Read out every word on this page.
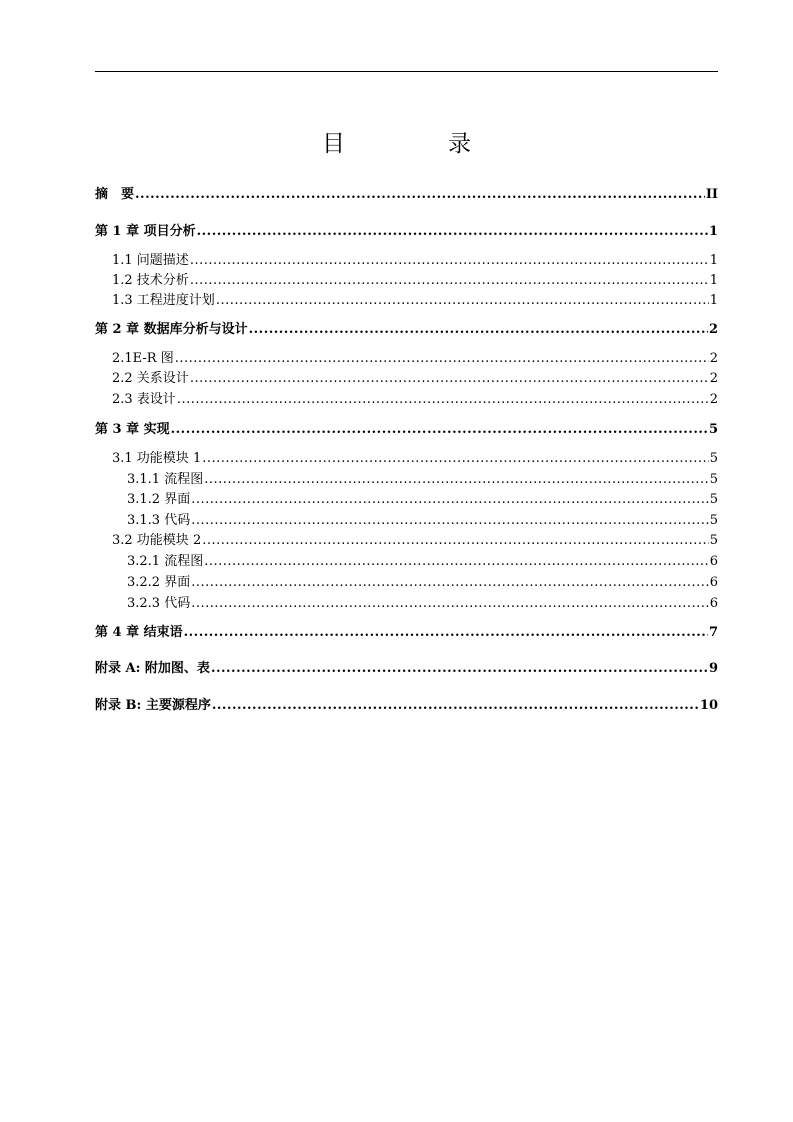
目　录
摘　要 .....	II
第 1 章 项目分析 .....	1
1.1 问题描述 .....	1
1.2 技术分析 .....	1
1.3 工程进度计划 .....	1
第 2 章 数据库分析与设计 .....	2
2.1E-R 图 .....	2
2.2 关系设计 .....	2
2.3 表设计 .....	2
第 3 章 实现 .....	5
3.1 功能模块 1 .....	5
3.1.1 流程图 .....	5
3.1.2 界面 .....	5
3.1.3 代码 .....	5
3.2 功能模块 2 .....	5
3.2.1 流程图 .....	6
3.2.2 界面 .....	6
3.2.3 代码 .....	6
第 4 章 结束语 .....	7
附录 A: 附加图、表 .....	9
附录 B: 主要源程序 .....	10
